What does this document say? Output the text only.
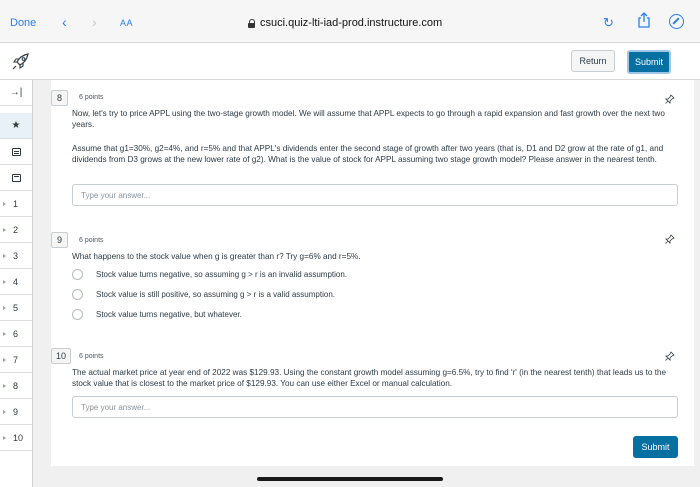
Done ‹ ›	AA	csuci.quiz-lti-iad-prod.instructure.com	↻
Return	Submit
→|
★
1
2
3
4
5
6
7
8
9
10
8	6 points

Now, let's try to price APPL using the two-stage growth model. We will assume that APPL expects to go through a rapid expansion and fast growth over the next two years.

Assume that g1=30%, g2=4%, and r=5% and that APPL's dividends enter the second stage of growth after two years (that is, D1 and D2 grow at the rate of g1, and dividends from D3 grows at the new lower rate of g2). What is the value of stock for APPL assuming two stage growth model? Please answer in the nearest tenth.

Type your answer...
9	6 points

What happens to the stock value when g is greater than r? Try g=6% and r=5%.

Stock value turns negative, so assuming g > r is an invalid assumption.
Stock value is still positive, so assuming g > r is a valid assumption.
Stock value turns negative, but whatever.
10	6 points

The actual market price at year end of 2022 was $129.93. Using the constant growth model assuming g=6.5%, try to find 'r' (in the nearest tenth) that leads us to the stock value that is closest to the market price of $129.93. You can use either Excel or manual calculation.

Type your answer...
Submit
